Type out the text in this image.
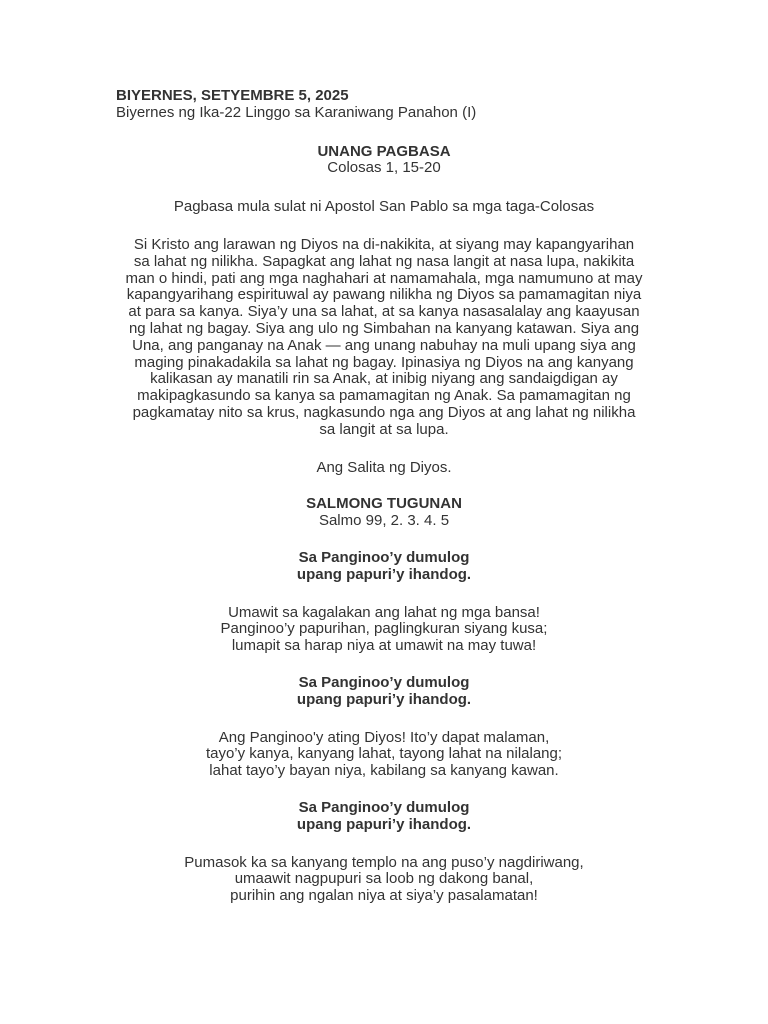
BIYERNES, SETYEMBRE 5, 2025

Biyernes ng Ika-22 Linggo sa Karaniwang Panahon (I)

UNANG PAGBASA

Colosas 1, 15-20

Pagbasa mula sulat ni Apostol San Pablo sa mga taga-Colosas

Si Kristo ang larawan ng Diyos na di-nakikita, at siyang may kapangyarihan
sa lahat ng nilikha. Sapagkat ang lahat ng nasa langit at nasa lupa, nakikita
man o hindi, pati ang mga naghahari at namamahala, mga namumuno at may
kapangyarihang espirituwal ay pawang nilikha ng Diyos sa pamamagitan niya
at para sa kanya. Siya’y una sa lahat, at sa kanya nasasalalay ang kaayusan
ng lahat ng bagay. Siya ang ulo ng Simbahan na kanyang katawan. Siya ang
Una, ang panganay na Anak — ang unang nabuhay na muli upang siya ang
maging pinakadakila sa lahat ng bagay. Ipinasiya ng Diyos na ang kanyang
kalikasan ay manatili rin sa Anak, at inibig niyang ang sandaigdigan ay
makipagkasundo sa kanya sa pamamagitan ng Anak. Sa pamamagitan ng
pagkamatay nito sa krus, nagkasundo nga ang Diyos at ang lahat ng nilikha
sa langit at sa lupa.

Ang Salita ng Diyos.

SALMONG TUGUNAN

Salmo 99, 2. 3. 4. 5

Sa Panginoo’y dumulog
upang papuri’y ihandog.

Umawit sa kagalakan ang lahat ng mga bansa!
Panginoo’y papurihan, paglingkuran siyang kusa;
lumapit sa harap niya at umawit na may tuwa!

Sa Panginoo’y dumulog
upang papuri’y ihandog.

Ang Panginoo'y ating Diyos! Ito’y dapat malaman,
tayo’y kanya, kanyang lahat, tayong lahat na nilalang;
lahat tayo’y bayan niya, kabilang sa kanyang kawan.

Sa Panginoo’y dumulog
upang papuri’y ihandog.

Pumasok ka sa kanyang templo na ang puso’y nagdiriwang,
umaawit nagpupuri sa loob ng dakong banal,
purihin ang ngalan niya at siya’y pasalamatan!
